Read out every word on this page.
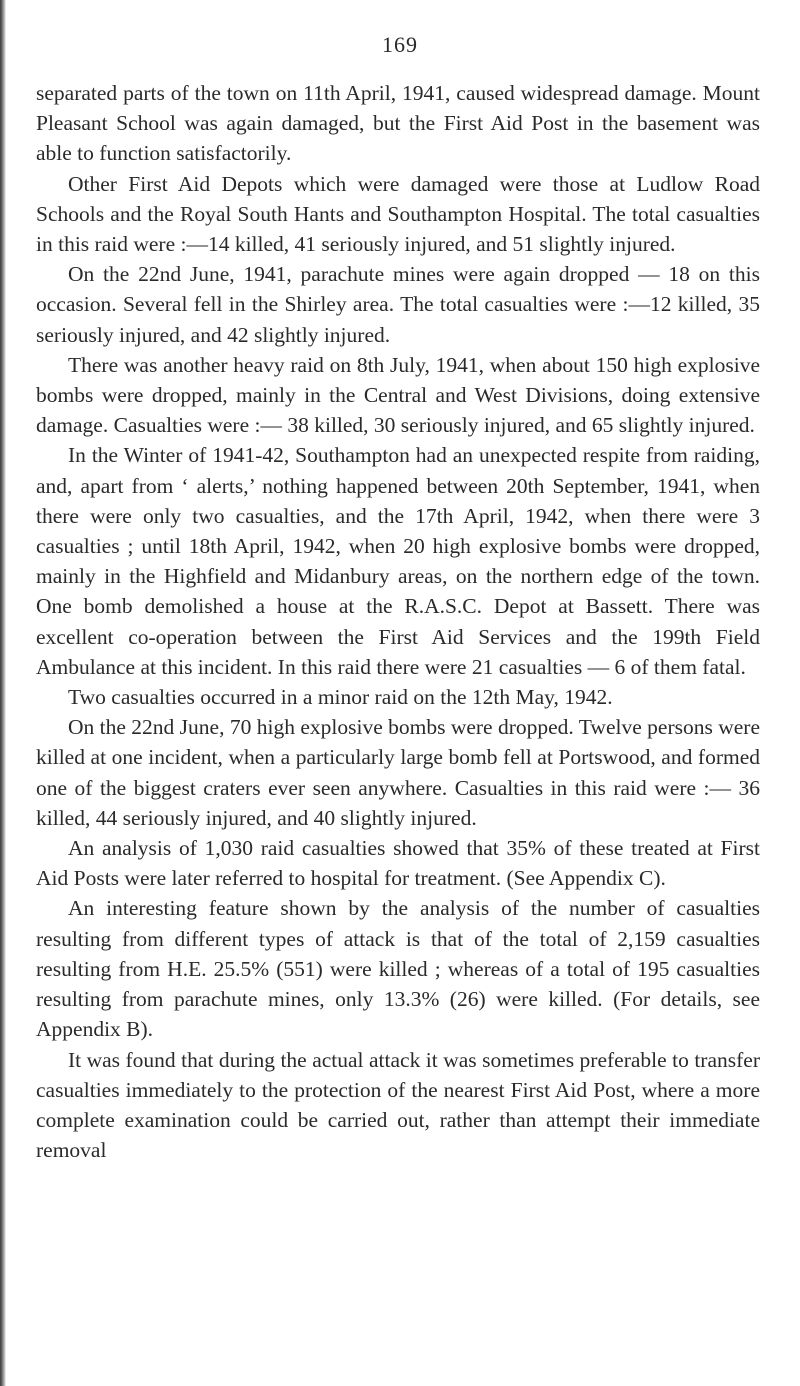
169

separated parts of the town on 11th April, 1941, caused widespread damage. Mount Pleasant School was again damaged, but the First Aid Post in the basement was able to function satisfactorily.

Other First Aid Depots which were damaged were those at Ludlow Road Schools and the Royal South Hants and Southampton Hospital. The total casualties in this raid were :—14 killed, 41 seriously injured, and 51 slightly injured.

On the 22nd June, 1941, parachute mines were again dropped — 18 on this occasion. Several fell in the Shirley area. The total casualties were :—12 killed, 35 seriously injured, and 42 slightly injured.

There was another heavy raid on 8th July, 1941, when about 150 high explosive bombs were dropped, mainly in the Central and West Divisions, doing extensive damage. Casualties were :— 38 killed, 30 seriously injured, and 65 slightly injured.

In the Winter of 1941-42, Southampton had an unexpected respite from raiding, and, apart from ‘ alerts,’ nothing happened between 20th September, 1941, when there were only two casualties, and the 17th April, 1942, when there were 3 casualties ; until 18th April, 1942, when 20 high explosive bombs were dropped, mainly in the Highfield and Midanbury areas, on the northern edge of the town. One bomb demolished a house at the R.A.S.C. Depot at Bassett. There was excellent co-operation between the First Aid Services and the 199th Field Ambulance at this incident. In this raid there were 21 casualties — 6 of them fatal.

Two casualties occurred in a minor raid on the 12th May, 1942.

On the 22nd June, 70 high explosive bombs were dropped. Twelve persons were killed at one incident, when a particularly large bomb fell at Portswood, and formed one of the biggest craters ever seen anywhere. Casualties in this raid were :— 36 killed, 44 seriously injured, and 40 slightly injured.

An analysis of 1,030 raid casualties showed that 35% of these treated at First Aid Posts were later referred to hospital for treatment. (See Appendix C).

An interesting feature shown by the analysis of the number of casualties resulting from different types of attack is that of the total of 2,159 casualties resulting from H.E. 25.5% (551) were killed ; whereas of a total of 195 casualties resulting from parachute mines, only 13.3% (26) were killed. (For details, see Appendix B).

It was found that during the actual attack it was sometimes preferable to transfer casualties immediately to the protection of the nearest First Aid Post, where a more complete examination could be carried out, rather than attempt their immediate removal
